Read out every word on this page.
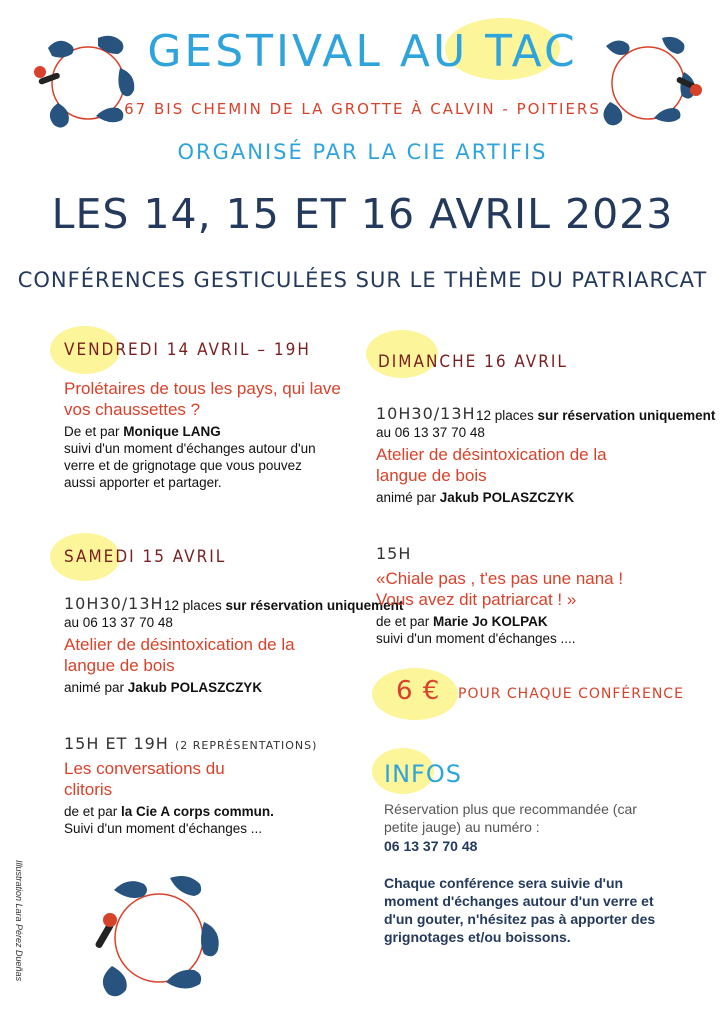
GESTIVAL AU TAC
67 BIS CHEMIN DE LA GROTTE À CALVIN - POITIERS
ORGANISÉ PAR LA CIE ARTIFIS
LES 14, 15 ET 16 AVRIL 2023
CONFÉRENCES GESTICULÉES SUR LE THÈME DU PATRIARCAT
VENDREDI 14 AVRIL – 19H
Prolétaires de tous les pays, qui lave vos chaussettes ?
De et par Monique LANG
suivi d'un moment d'échanges autour d'un verre et de grignotage que vous pouvez aussi apporter et partager.
SAMEDI 15 AVRIL
10H30/13H 12 places sur réservation uniquement
au 06 13 37 70 48
Atelier de désintoxication de la langue de bois
animé par Jakub POLASZCZYK
15H ET 19H (2 REPRÉSENTATIONS)
Les conversations du clitoris
de et par la Cie A corps commun.
Suivi d'un moment d'échanges ...
DIMANCHE 16 AVRIL
10H30/13H 12 places sur réservation uniquement
au 06 13 37 70 48
Atelier de désintoxication de la langue de bois
animé par Jakub POLASZCZYK
15H
«Chiale pas , t'es pas une nana ! Vous avez dit patriarcat ! »
de et par Marie Jo KOLPAK
suivi d'un moment d'échanges ....
6 € POUR CHAQUE CONFÉRENCE
INFOS
Réservation plus que recommandée (car petite jauge) au numéro :
06 13 37 70 48
Chaque conférence sera suivie d'un moment d'échanges autour d'un verre et d'un gouter, n'hésitez pas à apporter des grignotages et/ou boissons.
Illustration Lara Pérez Dueñas
